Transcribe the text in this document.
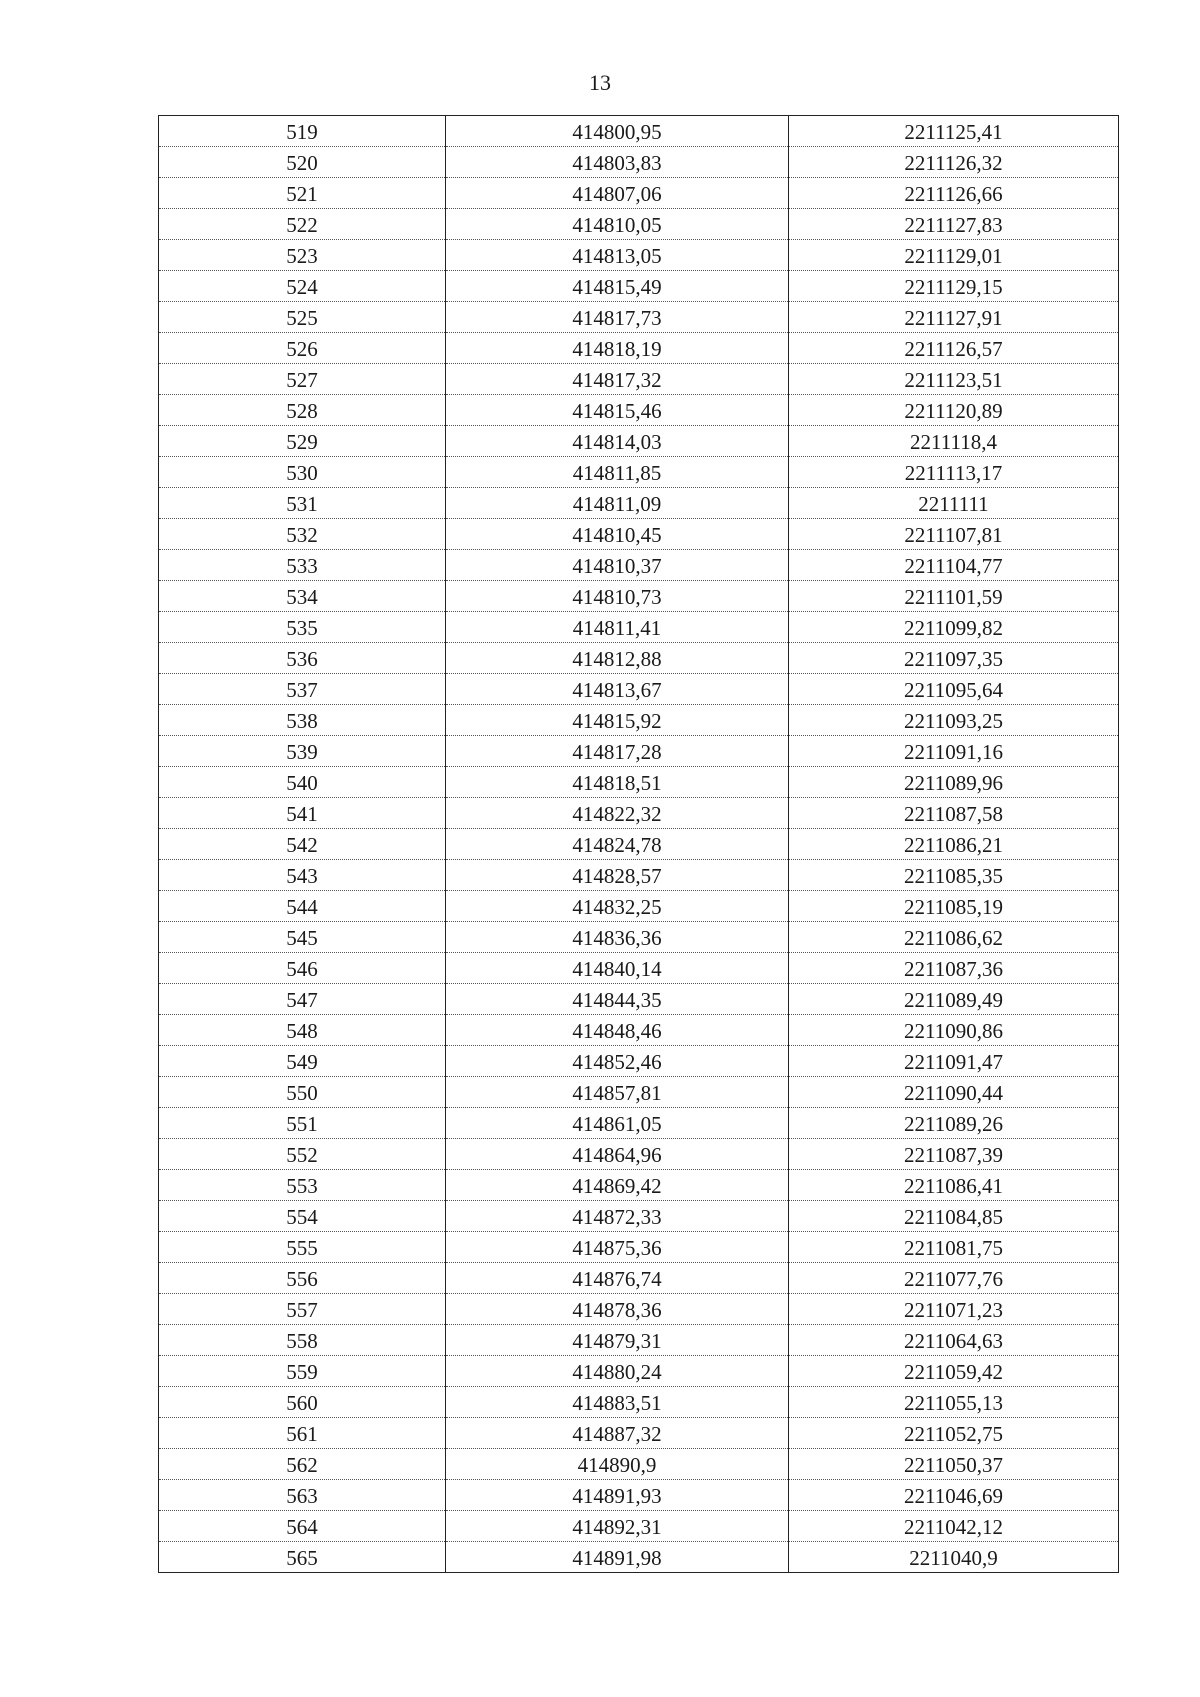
13
519	414800,95	2211125,41
520	414803,83	2211126,32
521	414807,06	2211126,66
522	414810,05	2211127,83
523	414813,05	2211129,01
524	414815,49	2211129,15
525	414817,73	2211127,91
526	414818,19	2211126,57
527	414817,32	2211123,51
528	414815,46	2211120,89
529	414814,03	2211118,4
530	414811,85	2211113,17
531	414811,09	2211111
532	414810,45	2211107,81
533	414810,37	2211104,77
534	414810,73	2211101,59
535	414811,41	2211099,82
536	414812,88	2211097,35
537	414813,67	2211095,64
538	414815,92	2211093,25
539	414817,28	2211091,16
540	414818,51	2211089,96
541	414822,32	2211087,58
542	414824,78	2211086,21
543	414828,57	2211085,35
544	414832,25	2211085,19
545	414836,36	2211086,62
546	414840,14	2211087,36
547	414844,35	2211089,49
548	414848,46	2211090,86
549	414852,46	2211091,47
550	414857,81	2211090,44
551	414861,05	2211089,26
552	414864,96	2211087,39
553	414869,42	2211086,41
554	414872,33	2211084,85
555	414875,36	2211081,75
556	414876,74	2211077,76
557	414878,36	2211071,23
558	414879,31	2211064,63
559	414880,24	2211059,42
560	414883,51	2211055,13
561	414887,32	2211052,75
562	414890,9	2211050,37
563	414891,93	2211046,69
564	414892,31	2211042,12
565	414891,98	2211040,9
